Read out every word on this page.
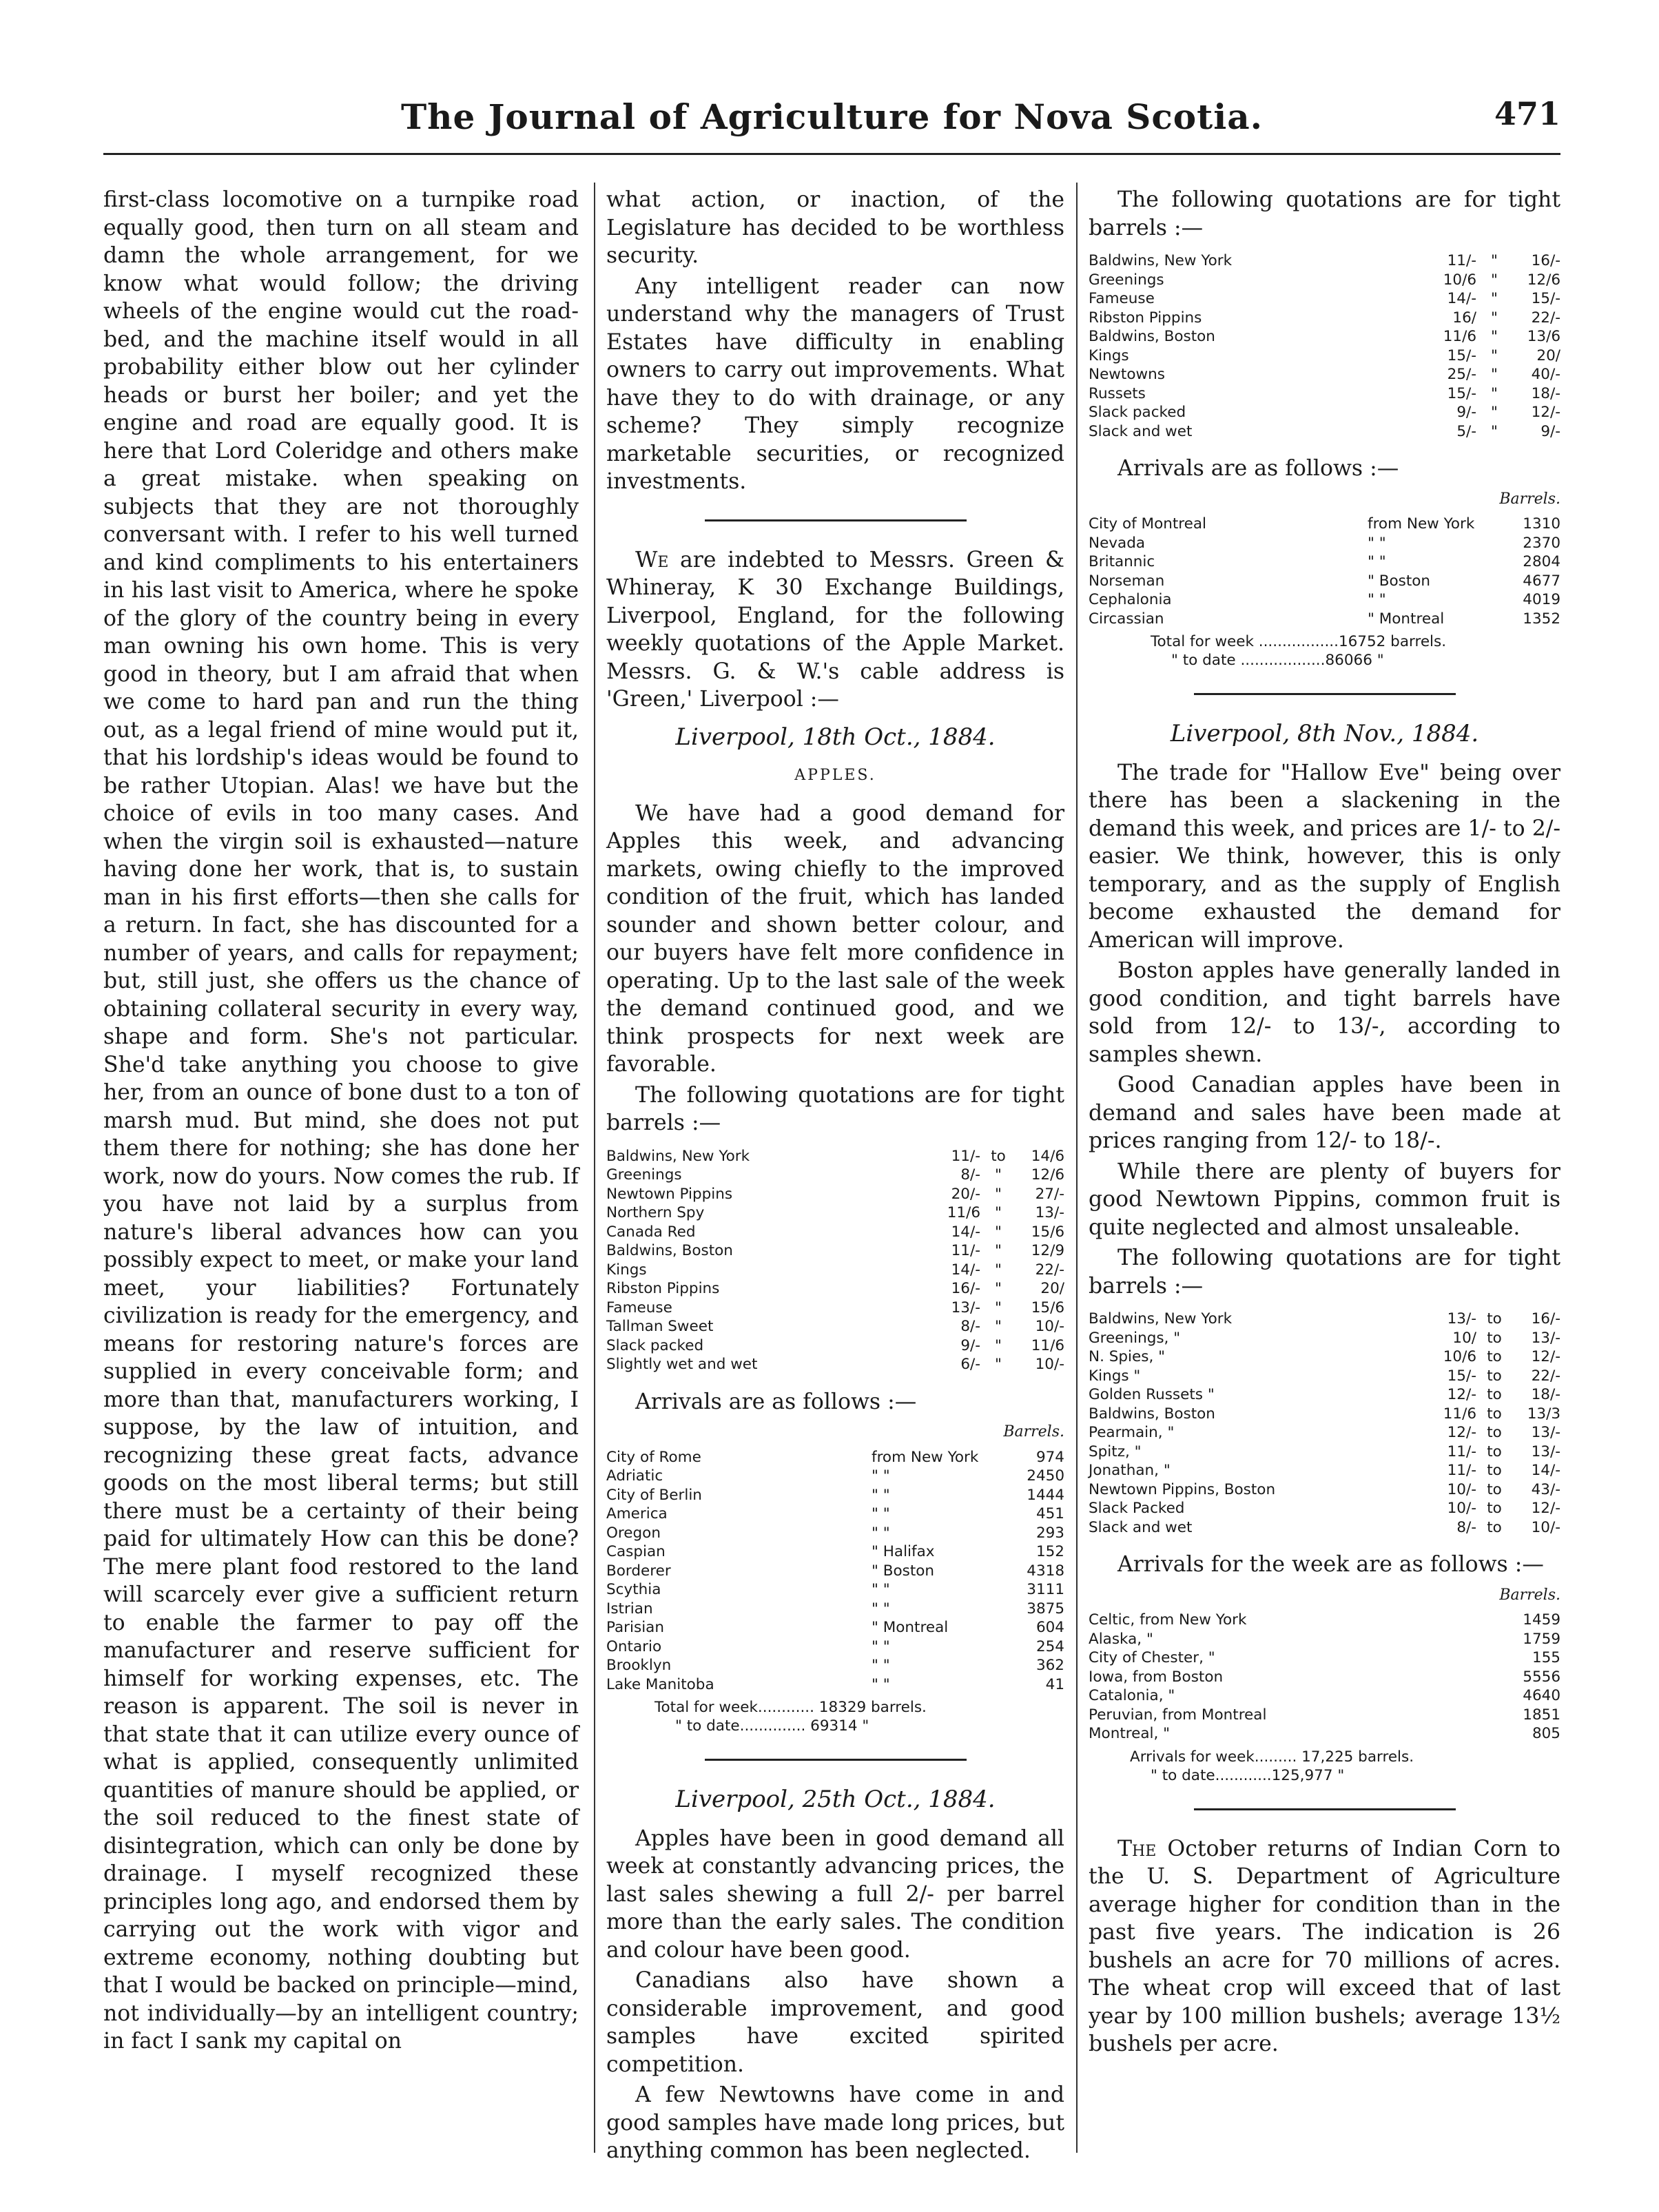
The Journal of Agriculture for Nova Scotia.	471

first-class locomotive on a turnpike road equally good, then turn on all steam and damn the whole arrangement, for we know what would follow; the driving wheels of the engine would cut the road-bed, and the machine itself would in all probability either blow out her cylinder heads or burst her boiler; and yet the engine and road are equally good. It is here that Lord Coleridge and others make a great mistake. when speaking on subjects that they are not thoroughly conversant with. I refer to his well turned and kind compliments to his entertainers in his last visit to America, where he spoke of the glory of the country being in every man owning his own home. This is very good in theory, but I am afraid that when we come to hard pan and run the thing out, as a legal friend of mine would put it, that his lordship's ideas would be found to be rather Utopian. Alas! we have but the choice of evils in too many cases. And when the virgin soil is exhausted—nature having done her work, that is, to sustain man in his first efforts—then she calls for a return. In fact, she has discounted for a number of years, and calls for repayment; but, still just, she offers us the chance of obtaining collateral security in every way, shape and form. She's not particular. She'd take anything you choose to give her, from an ounce of bone dust to a ton of marsh mud. But mind, she does not put them there for nothing; she has done her work, now do yours. Now comes the rub. If you have not laid by a surplus from nature's liberal advances how can you possibly expect to meet, or make your land meet, your liabilities? Fortunately civilization is ready for the emergency, and means for restoring nature's forces are supplied in every conceivable form; and more than that, manufacturers working, I suppose, by the law of intuition, and recognizing these great facts, advance goods on the most liberal terms; but still there must be a certainty of their being paid for ultimately How can this be done? The mere plant food restored to the land will scarcely ever give a sufficient return to enable the farmer to pay off the manufacturer and reserve sufficient for himself for working expenses, etc. The reason is apparent. The soil is never in that state that it can utilize every ounce of what is applied, consequently unlimited quantities of manure should be applied, or the soil reduced to the finest state of disintegration, which can only be done by drainage. I myself recognized these principles long ago, and endorsed them by carrying out the work with vigor and extreme economy, nothing doubting but that I would be backed on principle—mind, not individually—by an intelligent country; in fact I sank my capital on

what action, or inaction, of the Legislature has decided to be worthless security.

Any intelligent reader can now understand why the managers of Trust Estates have difficulty in enabling owners to carry out improvements. What have they to do with drainage, or any scheme? They simply recognize marketable securities, or recognized investments.

We are indebted to Messrs. Green & Whineray, K 30 Exchange Buildings, Liverpool, England, for the following weekly quotations of the Apple Market. Messrs. G. & W.'s cable address is 'Green,' Liverpool :—

Liverpool, 18th Oct., 1884.
APPLES.

We have had a good demand for Apples this week, and advancing markets, owing chiefly to the improved condition of the fruit, which has landed sounder and shown better colour, and our buyers have felt more confidence in operating. Up to the last sale of the week the demand continued good, and we think prospects for next week are favorable.

The following quotations are for tight barrels :—

Baldwins, New York	11/-	to	14/6
Greenings	8/-	"	12/6
Newtown Pippins	20/-	"	27/-
Northern Spy	11/6	"	13/-
Canada Red	14/-	"	15/6
Baldwins, Boston	11/-	"	12/9
Kings	14/-	"	22/-
Ribston Pippins	16/-	"	20/
Fameuse	13/-	"	15/6
Tallman Sweet	8/-	"	10/-
Slack packed	9/-	"	11/6
Slightly wet and wet	6/-	"	10/-

Arrivals are as follows :—

Barrels.
City of Rome	from New York	974
Adriatic	" "	2450
City of Berlin	" "	1444
America	" "	451
Oregon	" "	293
Caspian	" Halifax	152
Borderer	" Boston	4318
Scythia	" "	3111
Istrian	" "	3875
Parisian	" Montreal	604
Ontario	" "	254
Brooklyn	" "	362
Lake Manitoba	" "	41
Total for week............ 18329 barrels.
" to date.............. 69314 "
Liverpool, 25th Oct., 1884.

Apples have been in good demand all week at constantly advancing prices, the last sales shewing a full 2/- per barrel more than the early sales. The condition and colour have been good.

Canadians also have shown a considerable improvement, and good samples have excited spirited competition.

A few Newtowns have come in and good samples have made long prices, but anything common has been neglected.

The following quotations are for tight barrels :—

Baldwins, New York	11/-	"	16/-
Greenings	10/6	"	12/6
Fameuse	14/-	"	15/-
Ribston Pippins	16/	"	22/-
Baldwins, Boston	11/6	"	13/6
Kings	15/-	"	20/
Newtowns	25/-	"	40/-
Russets	15/-	"	18/-
Slack packed	9/-	"	12/-
Slack and wet	5/-	"	9/-

Arrivals are as follows :—

Barrels.
City of Montreal	from New York	1310
Nevada	" "	2370
Britannic	" "	2804
Norseman	" Boston	4677
Cephalonia	" "	4019
Circassian	" Montreal	1352
Total for week .................16752 barrels.
" to date ..................86066 "
Liverpool, 8th Nov., 1884.

The trade for "Hallow Eve" being over there has been a slackening in the demand this week, and prices are 1/- to 2/- easier. We think, however, this is only temporary, and as the supply of English become exhausted the demand for American will improve.

Boston apples have generally landed in good condition, and tight barrels have sold from 12/- to 13/-, according to samples shewn.

Good Canadian apples have been in demand and sales have been made at prices ranging from 12/- to 18/-.

While there are plenty of buyers for good Newtown Pippins, common fruit is quite neglected and almost unsaleable.

The following quotations are for tight barrels :—

Baldwins, New York	13/-	to	16/-
Greenings, "	10/	to	13/-
N. Spies, "	10/6	to	12/-
Kings "	15/-	to	22/-
Golden Russets "	12/-	to	18/-
Baldwins, Boston	11/6	to	13/3
Pearmain, "	12/-	to	13/-
Spitz, "	11/-	to	13/-
Jonathan, "	11/-	to	14/-
Newtown Pippins, Boston	10/-	to	43/-
Slack Packed	10/-	to	12/-
Slack and wet	8/-	to	10/-

Arrivals for the week are as follows :—

Barrels.
Celtic, from New York	1459
Alaska, "	1759
City of Chester, "	155
Iowa, from Boston	5556
Catalonia, "	4640
Peruvian, from Montreal	1851
Montreal, "	805
Arrivals for week......... 17,225 barrels.
" to date............125,977 "

The October returns of Indian Corn to the U. S. Department of Agriculture average higher for condition than in the past five years. The indication is 26 bushels an acre for 70 millions of acres. The wheat crop will exceed that of last year by 100 million bushels; average 13½ bushels per acre.
